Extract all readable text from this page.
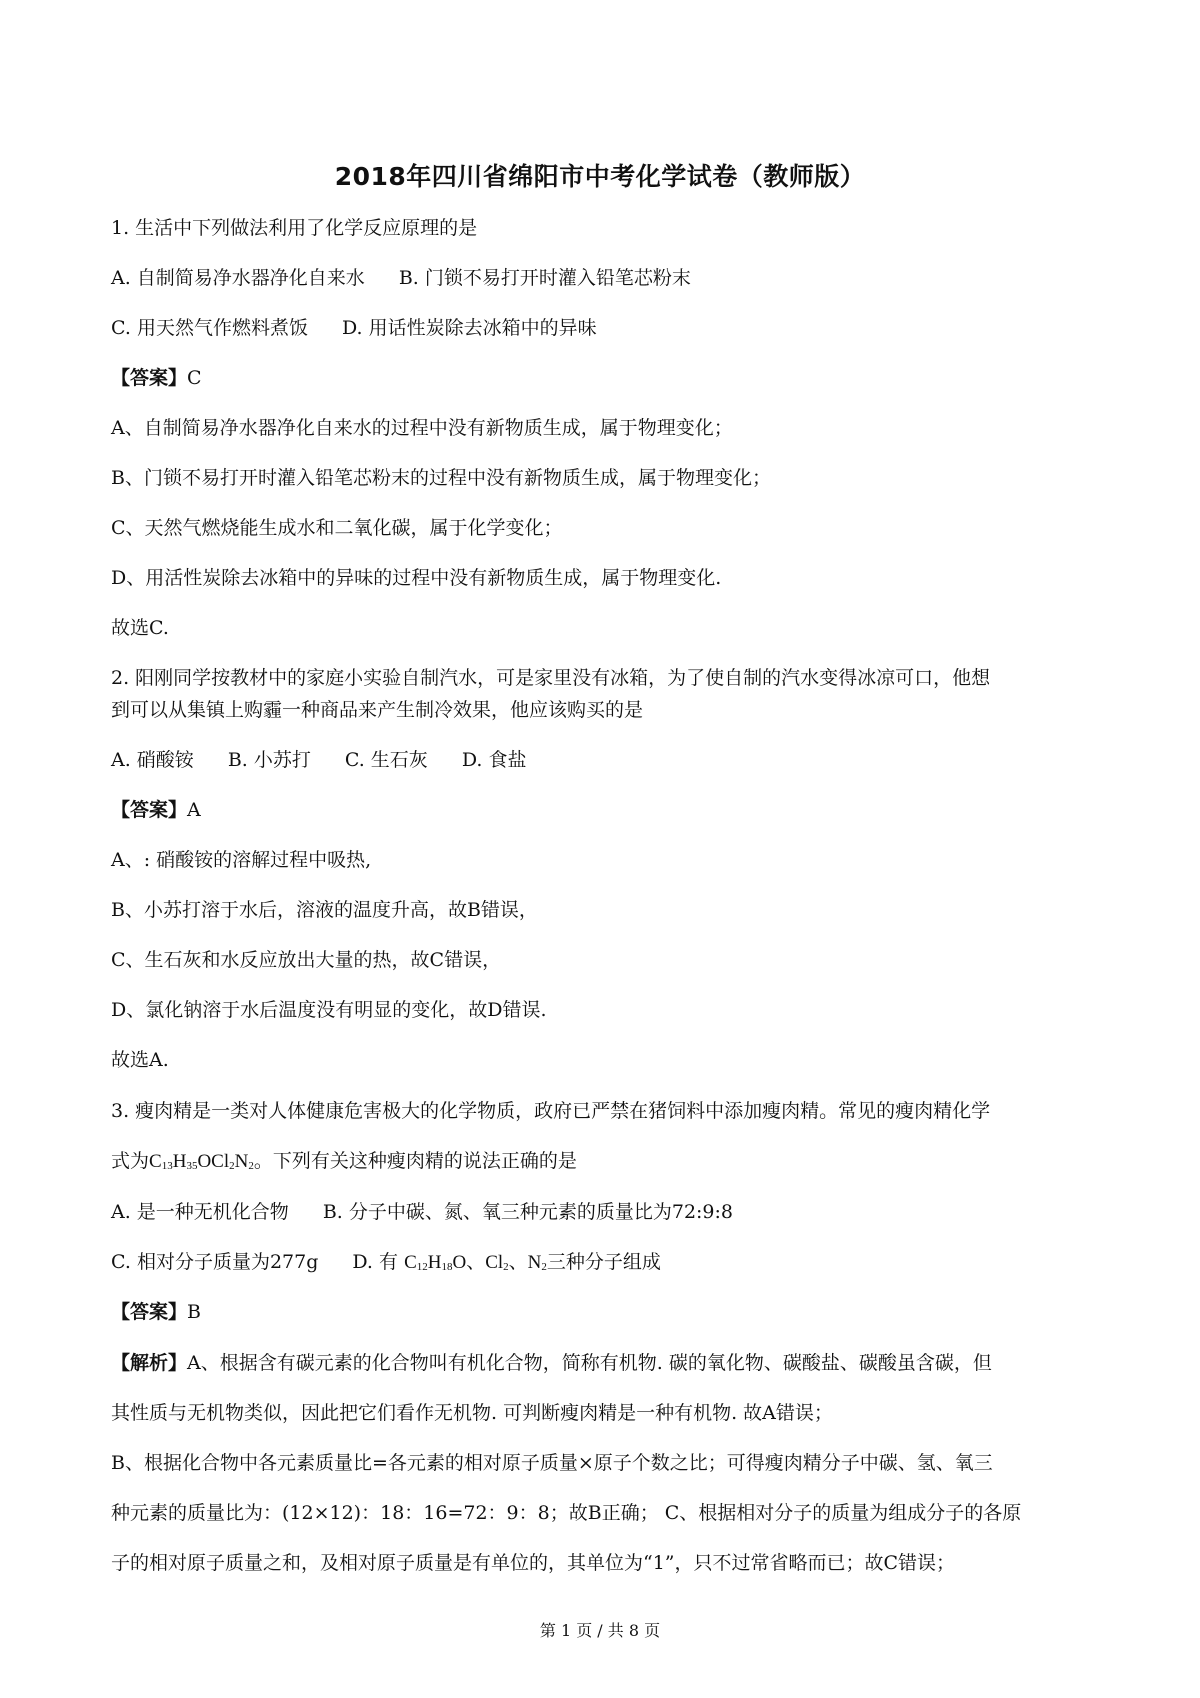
2018年四川省绵阳市中考化学试卷（教师版）

1. 生活中下列做法利用了化学反应原理的是

A. 自制简易净水器净化自来水 B. 门锁不易打开时灌入铅笔芯粉末

C. 用天然气作燃料煮饭 D. 用话性炭除去冰箱中的异味

【答案】C

A、自制简易净水器净化自来水的过程中没有新物质生成，属于物理变化；

B、门锁不易打开时灌入铅笔芯粉末的过程中没有新物质生成，属于物理变化；

C、天然气燃烧能生成水和二氧化碳，属于化学变化；

D、用活性炭除去冰箱中的异味的过程中没有新物质生成，属于物理变化.

故选C.

2. 阳刚同学按教材中的家庭小实验自制汽水，可是家里没有冰箱，为了使自制的汽水变得冰凉可口，他想

到可以从集镇上购霾一种商品来产生制冷效果，他应该购买的是

A. 硝酸铵 B. 小苏打 C. 生石灰 D. 食盐

【答案】A

A、: 硝酸铵的溶解过程中吸热,

B、小苏打溶于水后，溶液的温度升高，故B错误，

C、生石灰和水反应放出大量的热，故C错误，

D、氯化钠溶于水后温度没有明显的变化，故D错误.

故选A.

3. 瘦肉精是一类对人体健康危害极大的化学物质，政府已严禁在猪饲料中添加瘦肉精。常见的瘦肉精化学
式为$C_{13}H_{35}OCl_2N_2$。下列有关这种瘦肉精的说法正确的是

A. 是一种无机化合物 B. 分子中碳、氮、氧三种元素的质量比为72:9:8

C. 相对分子质量为277g D. 有 $C_{12}H_{18}O$、$Cl_2$、$N_2$三种分子组成

【答案】B

【解析】A、根据含有碳元素的化合物叫有机化合物，简称有机物. 碳的氧化物、碳酸盐、碳酸虽含碳，但
其性质与无机物类似，因此把它们看作无机物. 可判断瘦肉精是一种有机物. 故A错误；
B、根据化合物中各元素质量比=各元素的相对原子质量×原子个数之比；可得瘦肉精分子中碳、氢、氧三
种元素的质量比为：(12×12)：18：16=72：9：8；故B正确； C、根据相对分子的质量为组成分子的各原
子的相对原子质量之和，及相对原子质量是有单位的，其单位为“1”，只不过常省略而已；故C错误；

第 1 页 / 共 8 页
